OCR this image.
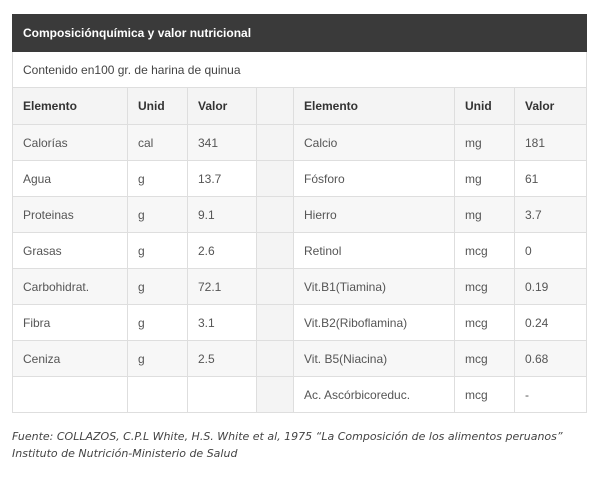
Composiciónquímica y valor nutricional						
Contenido en100 gr. de harina de quinua						
Elemento	Unid	Valor		Elemento	Unid	Valor
Calorías	cal	341		Calcio	mg	181
Agua	g	13.7		Fósforo	mg	61
Proteinas	g	9.1		Hierro	mg	3.7
Grasas	g	2.6		Retinol	mcg	0
Carbohidrat.	g	72.1		Vit.B1(Tiamina)	mcg	0.19
Fibra	g	3.1		Vit.B2(Riboflamina)	mcg	0.24
Ceniza	g	2.5		Vit. B5(Niacina)	mcg	0.68
				Ac. Ascórbicoreduc.	mcg	-
Fuente: COLLAZOS, C.P.L White, H.S. White et al, 1975 “La Composición de los alimentos peruanos”
Instituto de Nutrición-Ministerio de Salud
